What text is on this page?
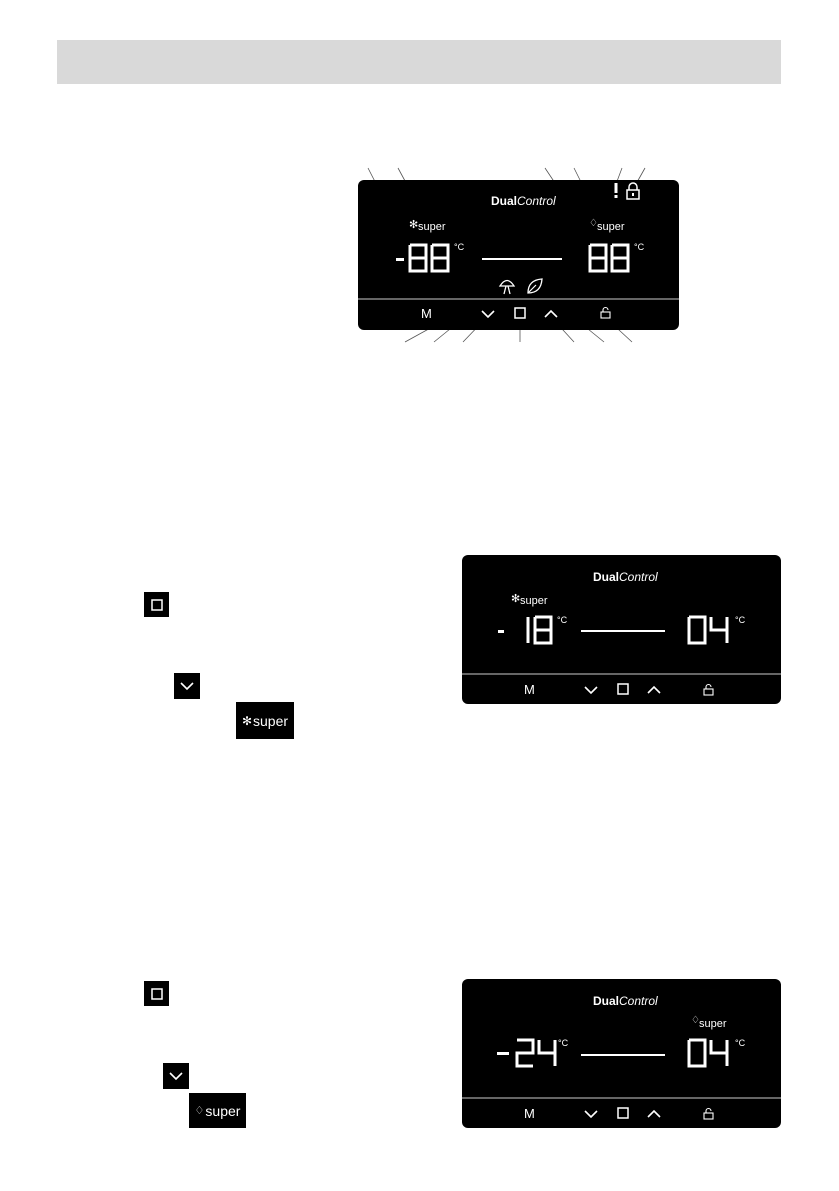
DualControl
✻ super
°C
♢ super
°C
M
✻ super
DualControl
✻ super
°C	°C
M
♢ super
DualControl
°C
♢ super
°C
M
